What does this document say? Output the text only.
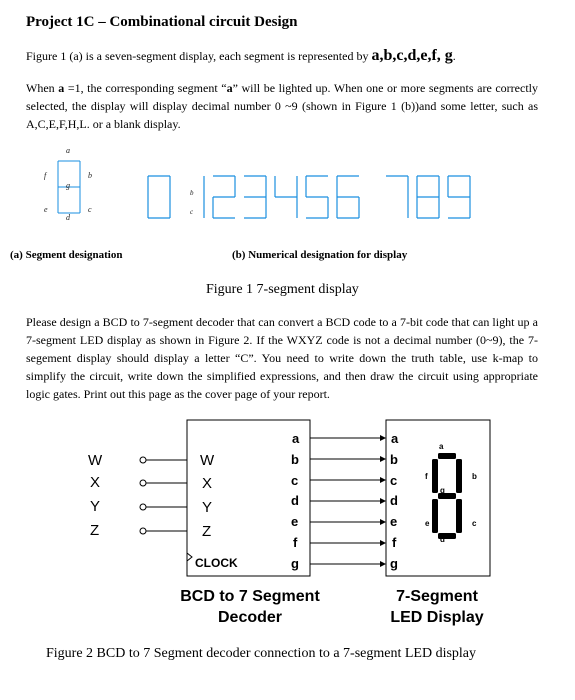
Project 1C – Combinational circuit Design
Figure 1 (a) is a seven-segment display, each segment is represented by a,b,c,d,e,f, g.
When a =1, the corresponding segment “a” will be lighted up. When one or more segments are correctly selected, the display will display decimal number 0 ~9 (shown in Figure 1 (b))and some letter, such as A,C,E,F,H,L. or a blank display.
a
b
c
d
e
f
g
b
c
(a) Segment designation	(b) Numerical designation for display
Figure 1 7-segment display
Please design a BCD to 7-segment decoder that can convert a BCD code to a 7-bit code that can light up a 7-segment LED display as shown in Figure 2. If the WXYZ code is not a decimal number (0~9), the 7-segement display should display a letter “C”. You need to write down the truth table, use k-map to simplify the circuit, write down the simplified expressions, and then draw the circuit using appropriate logic gates. Print out this page as the cover page of your report.
W
X
Y
Z
W
X
Y
Z
CLOCK
a
b
c
d
e
f
g
a
b
c
d
e
f
g
a
b
c
d
e
f
g
BCD to 7 Segment
Decoder
7-Segment
LED Display
Figure 2 BCD to 7 Segment decoder connection to a 7-segment LED display
